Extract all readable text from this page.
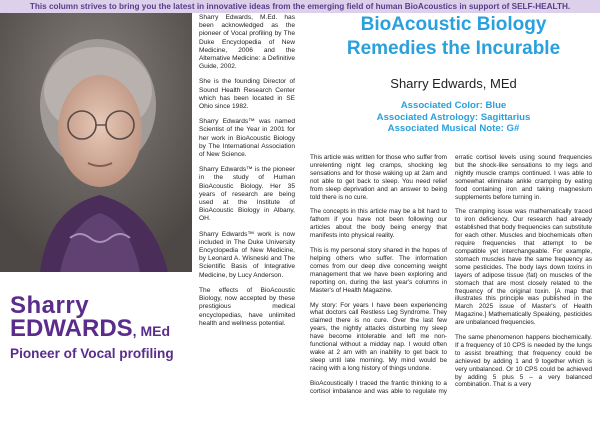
This column strives to bring you the latest in innovative ideas from the emerging field of human BioAcoustics in support of SELF-HEALTH.
Sharry
EDWARDS, MEd
Pioneer of Vocal profiling

Sharry Edwards, M.Ed. has been acknowledged as the pioneer of Vocal profiling by The Duke Encyclopedia of New Medicine, 2006 and the Alternative Medicine: a Definitive Guide, 2002.

She is the founding Director of Sound Health Research Center which has been located in SE Ohio since 1982.

Sharry Edwards™ was named Scientist of the Year in 2001 for her work in BioAcoustic Biology by The International Association of New Science.

Sharry Edwards™ is the pioneer in the study of Human BioAcoustic Biology. Her 35 years of research are being used at the Institute of BioAcoustic Biology in Albany, OH.

Sharry Edwards™ work is now included in The Duke University Encyclopedia of New Medicine, by Leonard A. Wisneski and The Scientific Basis of Integrative Medicine, by Lucy Anderson.

The effects of BioAcoustic Biology, now accepted by these prestigious medical encyclopedias, have unlimited health and wellness potential.

BioAcoustic Biology
Remedies the Incurable
Sharry Edwards, MEd
Associated Color: Blue
Associated Astrology: Sagittarius
Associated Musical Note: G#

This article was written for those who suffer from unrelenting night leg cramps, shocking leg sensations and for those waking up at 2am and not able to get back to sleep. You need relief from sleep deprivation and an answer to being told there is no cure.

The concepts in this article may be a bit hard to fathom if you have not been following our articles about the body being energy that manifests into physical reality.

This is my personal story shared in the hopes of helping others who suffer. The information comes from our deep dive concerning weight management that we have been exploring and reporting on, during the last year's columns in Master's of Health Magazine.

My story: For years I have been experiencing what doctors call Restless Leg Syndrome. They claimed there is no cure. Over the last few years, the nightly attacks disturbing my sleep have become intolerable and left me non-functional without a midday nap. I would often wake at 2 am with an inability to get back to sleep until late morning. My mind would be racing with a long history of things undone.

BioAcoustically I traced the frantic thinking to a cortisol imbalance and was able to regulate my erratic cortisol levels using sound frequencies but the shock-like sensations to my legs and nightly muscle cramps continued. I was able to somewhat eliminate ankle cramping by eating food containing iron and taking magnesium supplements before turning in.

The cramping issue was mathematically traced to iron deficiency. Our research had already established that body frequencies can substitute for each other. Muscles and biochemicals often require frequencies that attempt to be compatible yet interchangeable. For example, stomach muscles have the same frequency as some pesticides. The body lays down toxins in layers of adipose tissue (fat) on muscles of the stomach that are most closely related to the frequency of the original toxin. [A map that illustrates this principle was published in the March 2025 issue of Master's of Health Magazine.] Mathematically Speaking, pesticides are unbalanced frequencies.

The same phenomenon happens biochemically. If a frequency of 10 CPS is needed by the lungs to assist breathing; that frequency could be achieved by adding 1 and 9 together which is very unbalanced. Or 10 CPS could be achieved by adding 5 plus 5 – a very balanced combination. That is a very
